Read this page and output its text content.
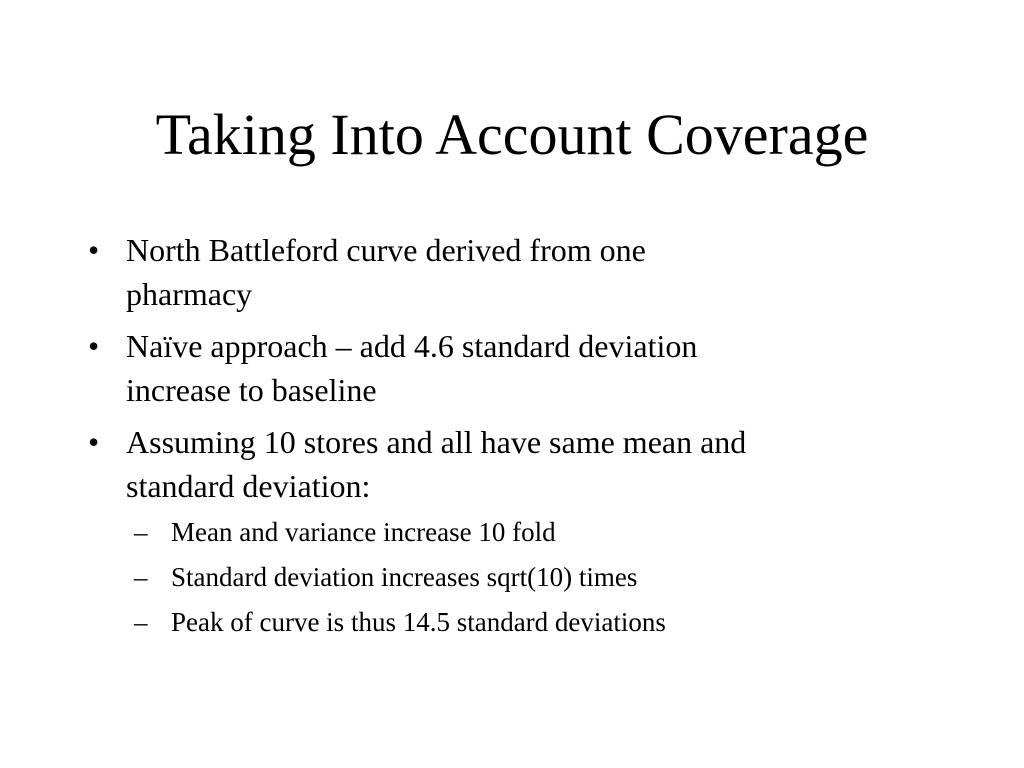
Taking Into Account Coverage
• North Battleford curve derived from one
pharmacy
• Naïve approach – add 4.6 standard deviation
increase to baseline
• Assuming 10 stores and all have same mean and
standard deviation:
– Mean and variance increase 10 fold
– Standard deviation increases sqrt(10) times
– Peak of curve is thus 14.5 standard deviations
